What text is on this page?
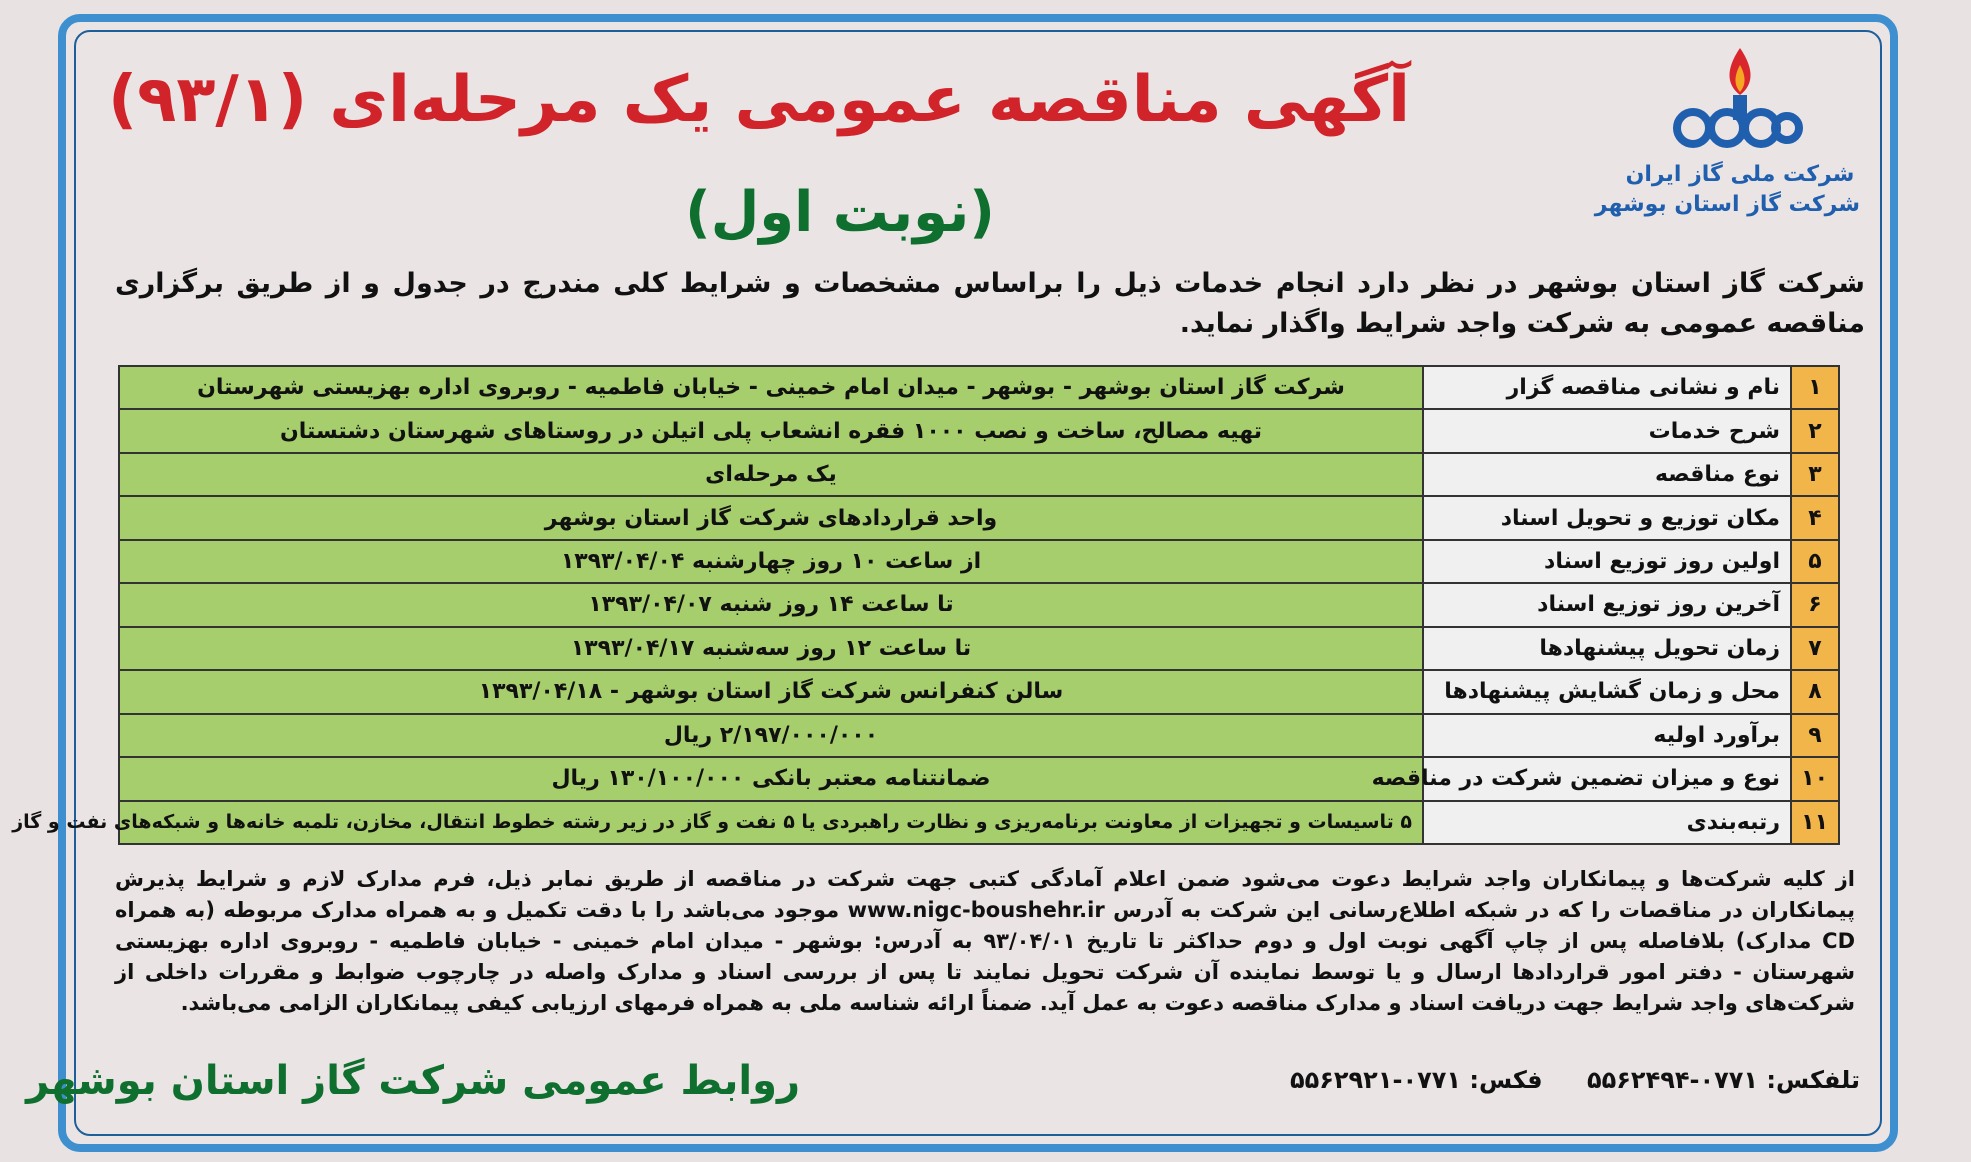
شرکت ملی گاز ایران
شرکت گاز استان بوشهر
آگهی مناقصه عمومی یک مرحله‌ای (۹۳/۱)
(نوبت اول)
شرکت گاز استان بوشهر در نظر دارد انجام خدمات ذیل را براساس مشخصات و شرایط کلی مندرج در جدول و از طریق برگزاری مناقصه عمومی به شرکت واجد شرایط واگذار نماید.
۱	نام و نشانی مناقصه گزار	شرکت گاز استان بوشهر - بوشهر - میدان امام خمینی - خیابان فاطمیه - روبروی اداره بهزیستی شهرستان
۲	شرح خدمات	تهیه مصالح، ساخت و نصب ۱۰۰۰ فقره انشعاب پلی اتیلن در روستاهای شهرستان دشتستان
۳	نوع مناقصه	یک مرحله‌ای
۴	مکان توزیع و تحویل اسناد	واحد قراردادهای شرکت گاز استان بوشهر
۵	اولین روز توزیع اسناد	از ساعت ۱۰ روز چهارشنبه ۱۳۹۳/۰۴/۰۴
۶	آخرین روز توزیع اسناد	تا ساعت ۱۴ روز شنبه ۱۳۹۳/۰۴/۰۷
۷	زمان تحویل پیشنهادها	تا ساعت ۱۲ روز سه‌شنبه ۱۳۹۳/۰۴/۱۷
۸	محل و زمان گشایش پیشنهادها	سالن کنفرانس شرکت گاز استان بوشهر - ۱۳۹۳/۰۴/۱۸
۹	برآورد اولیه	۲/۱۹۷/۰۰۰/۰۰۰ ریال
۱۰	نوع و میزان تضمین شرکت در مناقصه	ضمانتنامه معتبر بانکی ۱۳۰/۱۰۰/۰۰۰ ریال
۱۱	رتبه‌بندی	۵ تاسیسات و تجهیزات از معاونت برنامه‌ریزی و نظارت راهبردی یا ۵ نفت و گاز در زیر رشته خطوط انتقال، مخازن، تلمبه خانه‌ها و شبکه‌های نفت و گاز
از کلیه شرکت‌ها و پیمانکاران واجد شرایط دعوت می‌شود ضمن اعلام آمادگی کتبی جهت شرکت در مناقصه از طریق نمابر ذیل، فرم مدارک لازم و شرایط پذیرش پیمانکاران در مناقصات را که در شبکه اطلاع‌رسانی این شرکت به آدرس www.nigc-boushehr.ir موجود می‌باشد را با دقت تکمیل و به همراه مدارک مربوطه (به همراه CD مدارک) بلافاصله پس از چاپ آگهی نوبت اول و دوم حداکثر تا تاریخ ۹۳/۰۴/۰۱ به آدرس: بوشهر - میدان امام خمینی - خیابان فاطمیه - روبروی اداره بهزیستی شهرستان - دفتر امور قراردادها ارسال و یا توسط نماینده آن شرکت تحویل نمایند تا پس از بررسی اسناد و مدارک واصله در چارچوب ضوابط و مقررات داخلی از شرکت‌های واجد شرایط جهت دریافت اسناد و مدارک مناقصه دعوت به عمل آید. ضمناً ارائه شناسه ملی به همراه فرمهای ارزیابی کیفی پیمانکاران الزامی می‌باشد.
تلفکس: ۰۷۷۱-۵۵۶۲۴۹۴ فکس: ۰۷۷۱-۵۵۶۲۹۲۱
روابط عمومی شرکت گاز استان بوشهر
